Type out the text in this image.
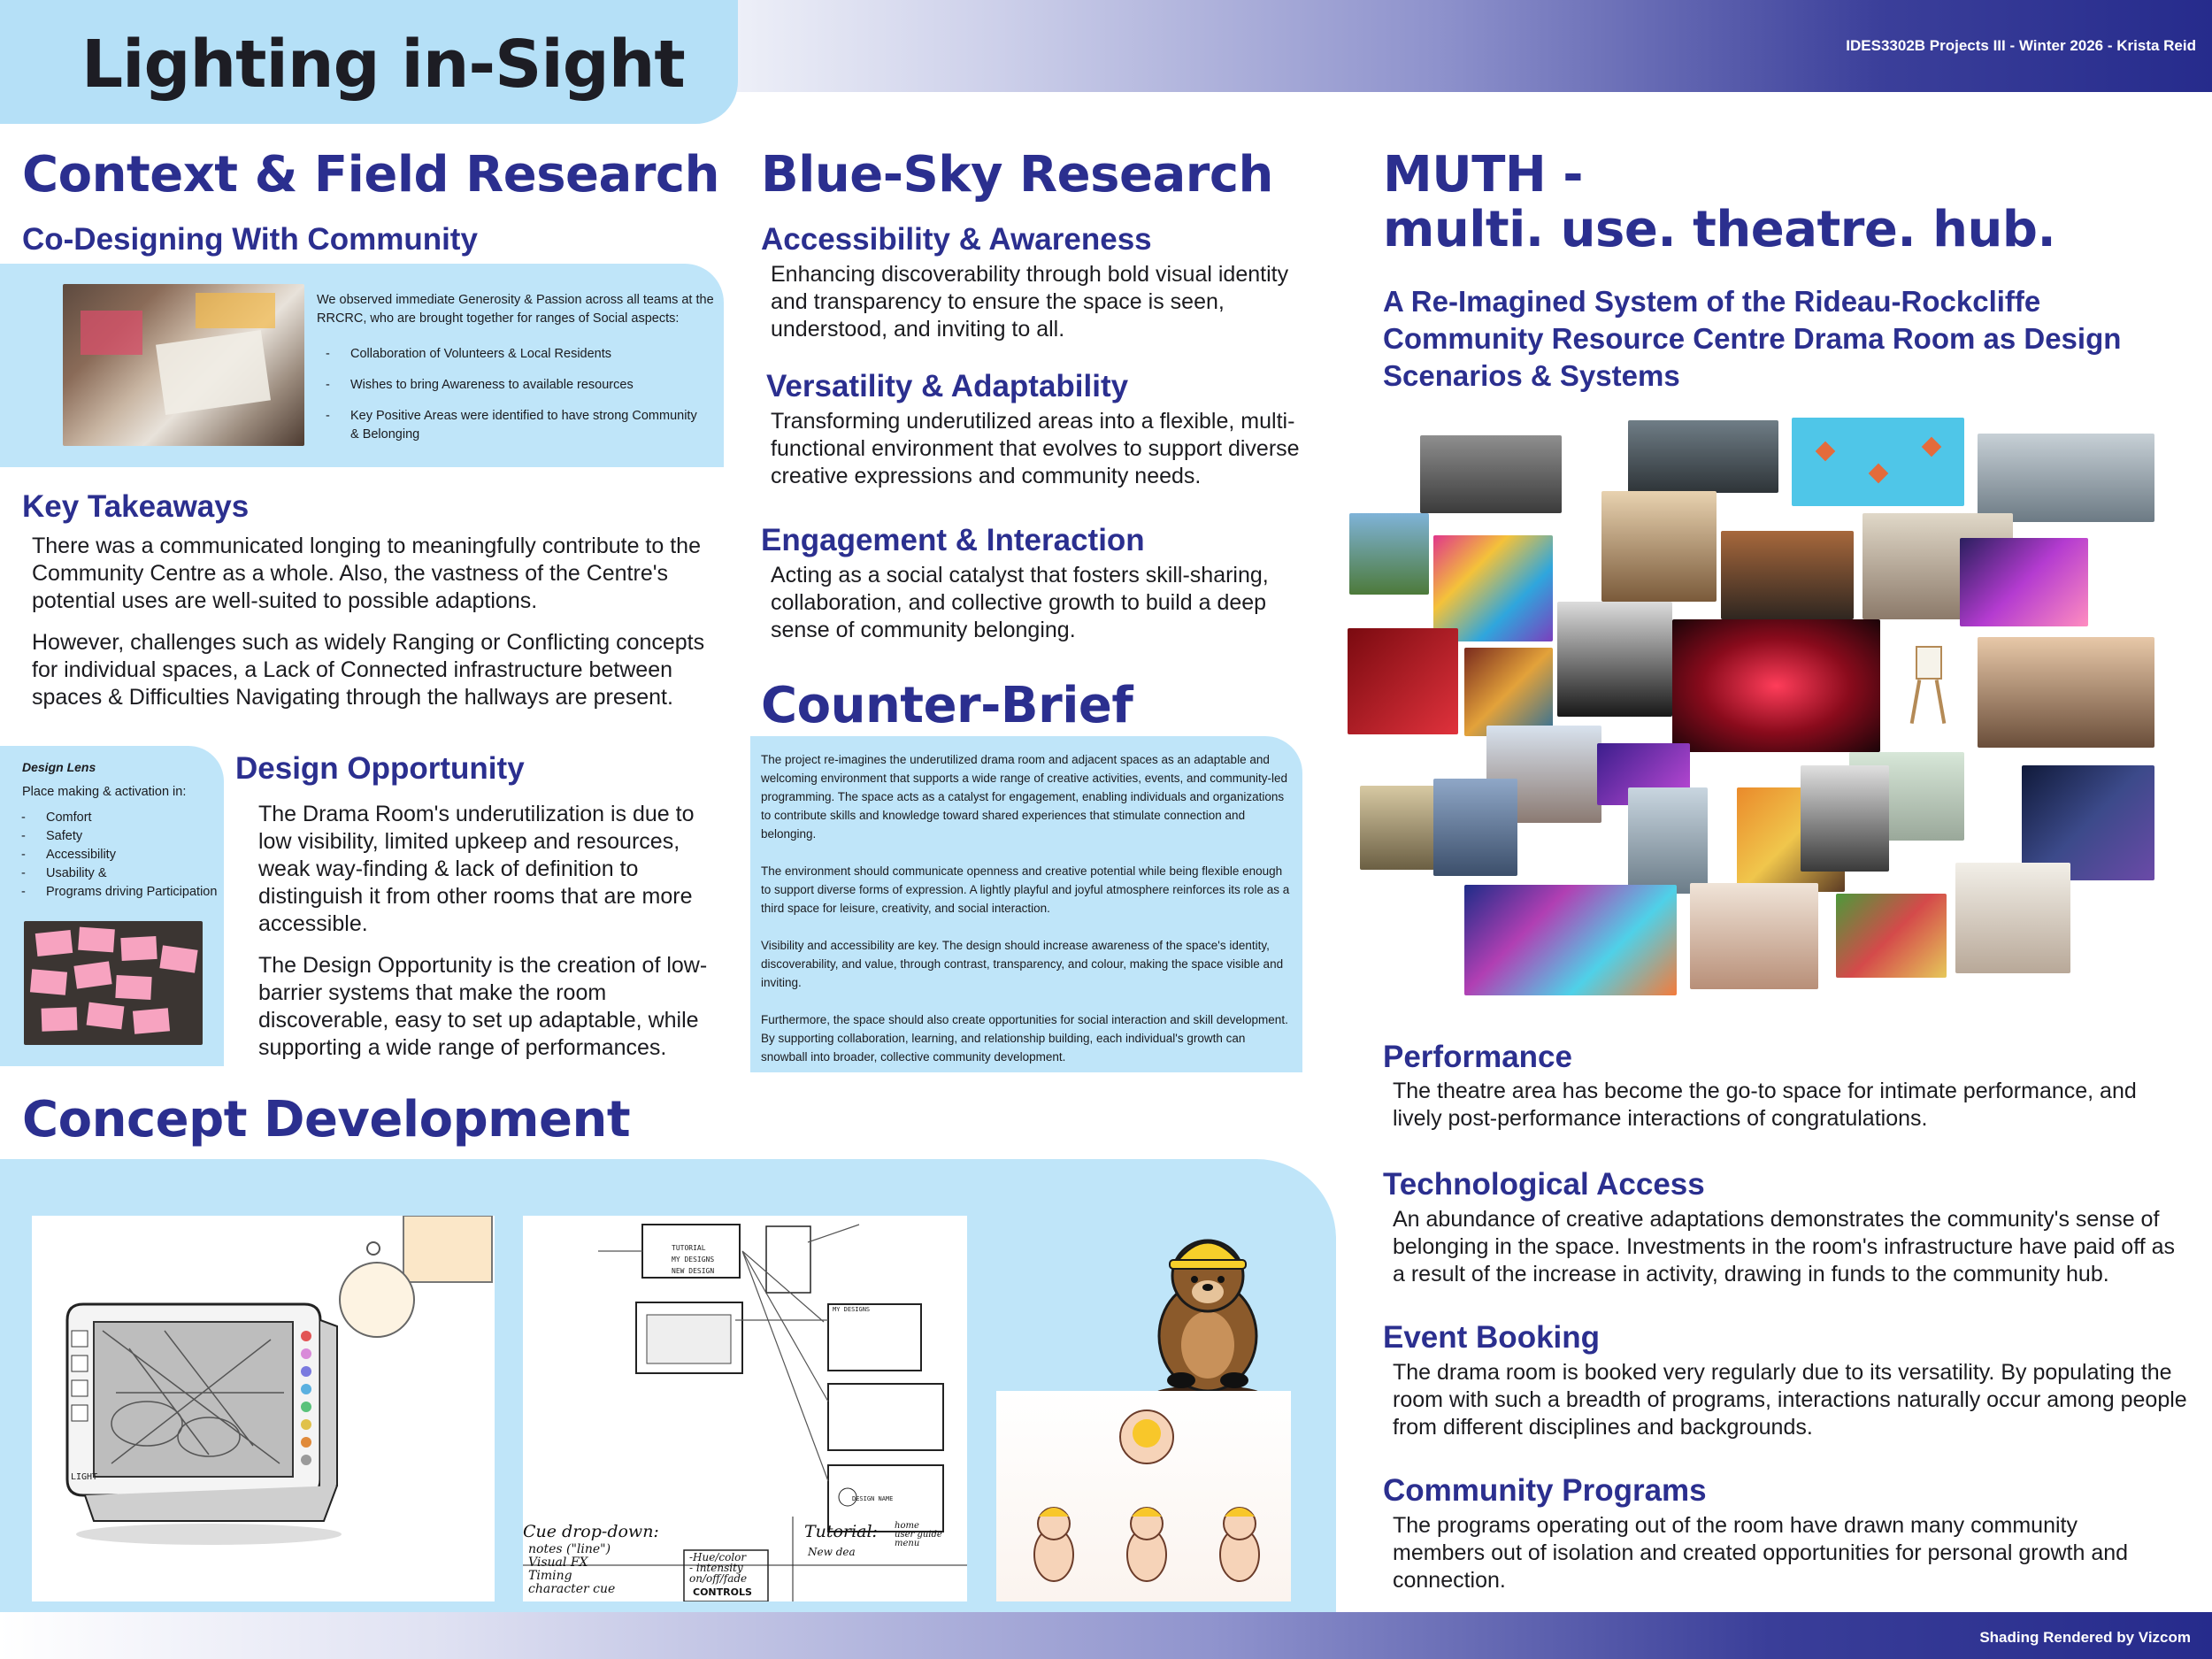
Lighting in-Sight	IDES3302B Projects III - Winter 2026 - Krista Reid
Context & Field Research
Co-Designing With Community
We observed immediate Generosity & Passion across all teams at the RRCRC, who are brought together for ranges of Social aspects:
- Collaboration of Volunteers & Local Residents
- Wishes to bring Awareness to available resources
- Key Positive Areas were identified to have strong Community & Belonging
Key Takeaways
There was a communicated longing to meaningfully contribute to the Community Centre as a whole. Also, the vastness of the Centre's potential uses are well-suited to possible adaptions.
However, challenges such as widely Ranging or Conflicting concepts for individual spaces, a Lack of Connected infrastructure between spaces & Difficulties Navigating through the hallways are present.
Design Lens
Place making & activation in:
- Comfort
- Safety
- Accessibility
- Usability &
- Programs driving Participation
Design Opportunity
The Drama Room's underutilization is due to low visibility, limited upkeep and resources, weak way-finding & lack of definition to distinguish it from other rooms that are more accessible.
The Design Opportunity is the creation of low-barrier systems that make the room discoverable, easy to set up adaptable, while supporting a wide range of performances.
Blue-Sky Research
Accessibility & Awareness
Enhancing discoverability through bold visual identity and transparency to ensure the space is seen, understood, and inviting to all.
Versatility & Adaptability
Transforming underutilized areas into a flexible, multi-functional environment that evolves to support diverse creative expressions and community needs.
Engagement & Interaction
Acting as a social catalyst that fosters skill-sharing, collaboration, and collective growth to build a deep sense of community belonging.
Counter-Brief

The project re-imagines the underutilized drama room and adjacent spaces as an adaptable and welcoming environment that supports a wide range of creative activities, events, and community-led programming. The space acts as a catalyst for engagement, enabling individuals and organizations to contribute skills and knowledge toward shared experiences that stimulate connection and belonging.

The environment should communicate openness and creative potential while being flexible enough to support diverse forms of expression. A lightly playful and joyful atmosphere reinforces its role as a third space for leisure, creativity, and social interaction.

Visibility and accessibility are key. The design should increase awareness of the space's identity, discoverability, and value, through contrast, transparency, and colour, making the space visible and inviting.

Furthermore, the space should also create opportunities for social interaction and skill development. By supporting collaboration, learning, and relationship building, each individual's growth can snowball into broader, collective community development.

MUTH -
multi. use. theatre. hub.
A Re-Imagined System of the Rideau-Rockcliffe Community Resource Centre Drama Room as Design Scenarios & Systems
Performance
The theatre area has become the go-to space for intimate performance, and lively post-performance interactions of congratulations.
Technological Access
An abundance of creative adaptations demonstrates the community's sense of belonging in the space. Investments in the room's infrastructure have paid off as a result of the increase in activity, drawing in funds to the community hub.
Event Booking
The drama room is booked very regularly due to its versatility. By populating the room with such a breadth of programs, interactions naturally occur among people from different disciplines and backgrounds.
Community Programs
The programs operating out of the room have drawn many community members out of isolation and created opportunities for personal growth and connection.
Concept Development
LIGHT
TUTORIAL
MY DESIGNS
NEW DESIGN
MY DESIGNS
DESIGN NAME
Cue drop-down:
notes ("line")
Visual FX
Timing
character cue
-Hue/color
- intensity
on/off/fade
CONTROLS
Tutorial: home
user guide
menu
New dea
Shading Rendered by Vizcom
